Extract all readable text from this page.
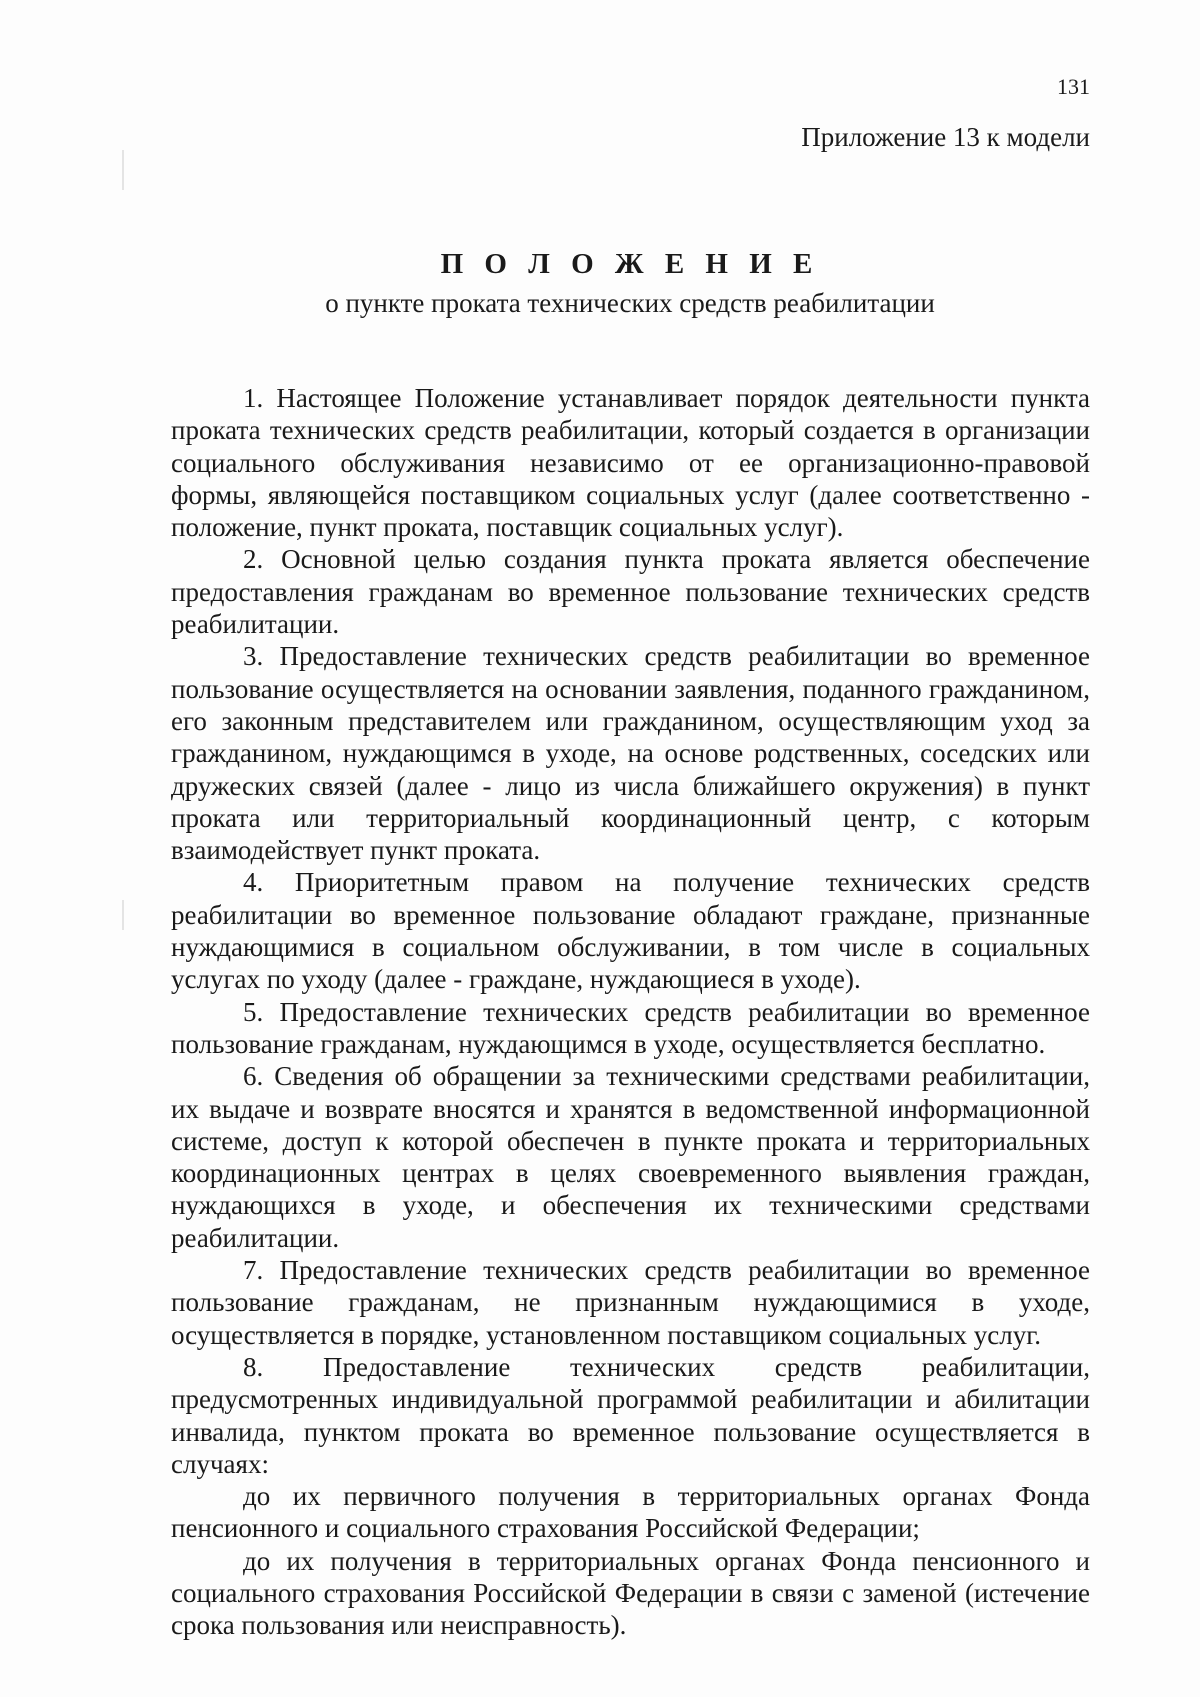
131
Приложение 13 к модели
П О Л О Ж Е Н И Е
о пункте проката технических средств реабилитации

1. Настоящее Положение устанавливает порядок деятельности пункта проката технических средств реабилитации, который создается в организации социального обслуживания независимо от ее организационно-правовой формы, являющейся поставщиком социальных услуг (далее соответственно - положение, пункт проката, поставщик социальных услуг).

2. Основной целью создания пункта проката является обеспечение предоставления гражданам во временное пользование технических средств реабилитации.

3. Предоставление технических средств реабилитации во временное пользование осуществляется на основании заявления, поданного гражданином, его законным представителем или гражданином, осуществляющим уход за гражданином, нуждающимся в уходе, на основе родственных, соседских или дружеских связей (далее - лицо из числа ближайшего окружения) в пункт проката или территориальный координационный центр, с которым взаимодействует пункт проката.

4. Приоритетным правом на получение технических средств реабилитации во временное пользование обладают граждане, признанные нуждающимися в социальном обслуживании, в том числе в социальных услугах по уходу (далее - граждане, нуждающиеся в уходе).

5. Предоставление технических средств реабилитации во временное пользование гражданам, нуждающимся в уходе, осуществляется бесплатно.

6. Сведения об обращении за техническими средствами реабилитации, их выдаче и возврате вносятся и хранятся в ведомственной информационной системе, доступ к которой обеспечен в пункте проката и территориальных координационных центрах в целях своевременного выявления граждан, нуждающихся в уходе, и обеспечения их техническими средствами реабилитации.

7. Предоставление технических средств реабилитации во временное пользование гражданам, не признанным нуждающимися в уходе, осуществляется в порядке, установленном поставщиком социальных услуг.

8. Предоставление технических средств реабилитации, предусмотренных индивидуальной программой реабилитации и абилитации инвалида, пунктом проката во временное пользование осуществляется в случаях:

до их первичного получения в территориальных органах Фонда пенсионного и социального страхования Российской Федерации;

до их получения в территориальных органах Фонда пенсионного и социального страхования Российской Федерации в связи с заменой (истечение срока пользования или неисправность).
